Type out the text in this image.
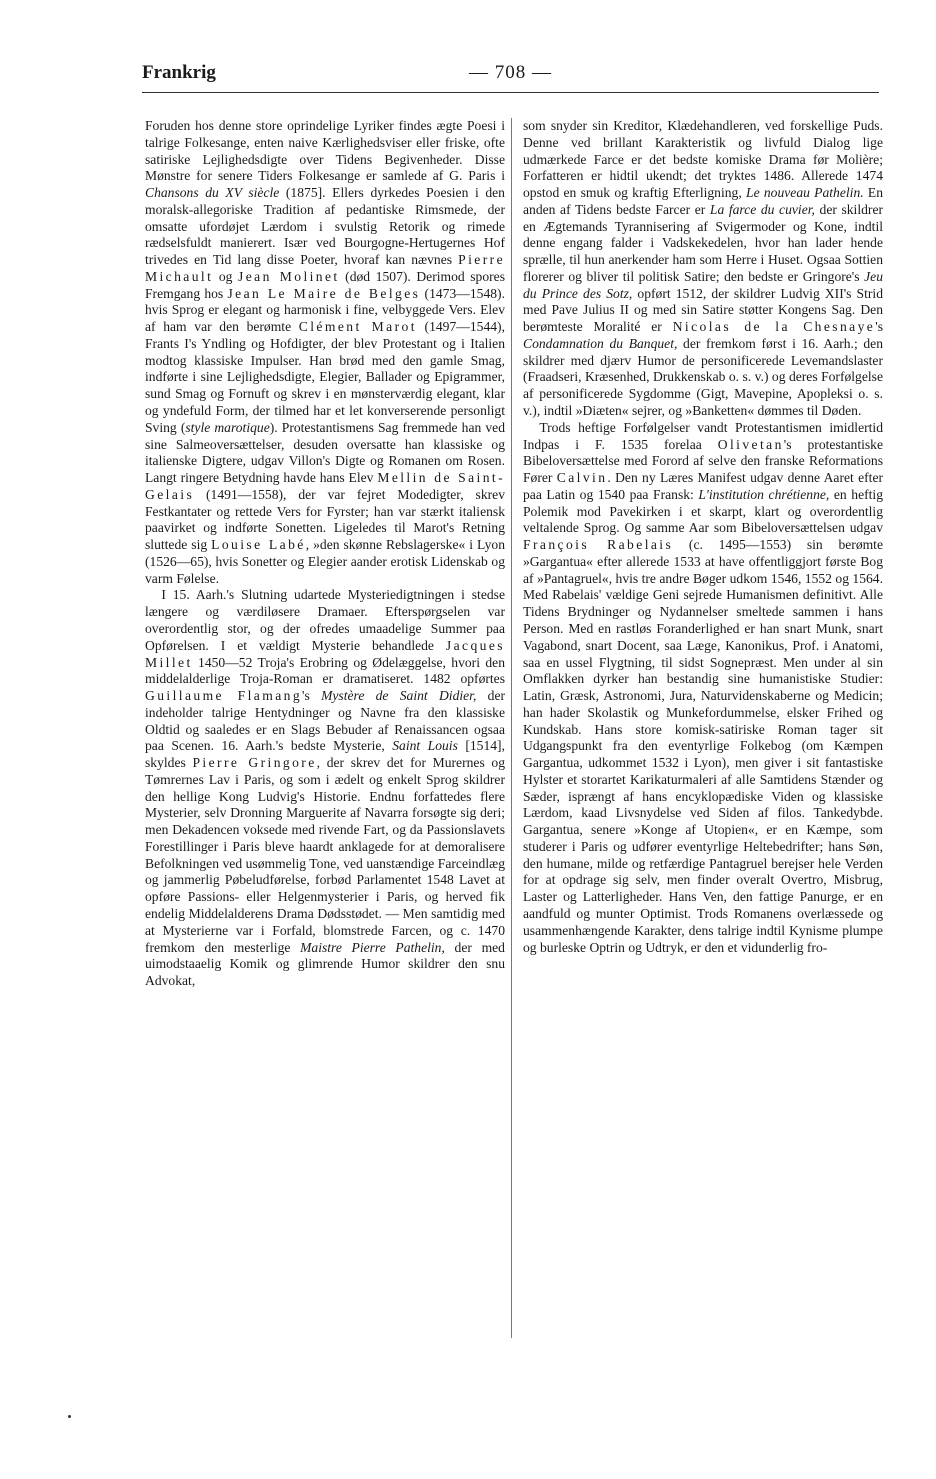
Frankrig	— 708 —

Foruden hos denne store oprindelige Lyriker findes ægte Poesi i talrige Folkesange, enten naive Kærlighedsviser eller friske, ofte satiriske Lejlighedsdigte over Tidens Begivenheder. Disse Mønstre for senere Tiders Folkesange er samlede af G. Paris i Chansons du XV siècle (1875]. Ellers dyrkedes Poesien i den moralsk-allegoriske Tradition af pedantiske Rimsmede, der omsatte ufordøjet Lærdom i svulstig Retorik og rimede rædselsfuldt manierert. Især ved Bourgogne-Hertugernes Hof trivedes en Tid lang disse Poeter, hvoraf kan nævnes Pierre Michault og Jean Molinet (død 1507). Derimod spores Fremgang hos Jean Le Maire de Belges (1473—1548). hvis Sprog er elegant og harmonisk i fine, velbyggede Vers. Elev af ham var den berømte Clément Marot (1497—1544), Frants I's Yndling og Hofdigter, der blev Protestant og i Italien modtog klassiske Impulser. Han brød med den gamle Smag, indførte i sine Lejlighedsdigte, Elegier, Ballader og Epigrammer, sund Smag og Fornuft og skrev i en mønsterværdig elegant, klar og yndefuld Form, der tilmed har et let konverserende personligt Sving (style marotique). Protestantismens Sag fremmede han ved sine Salmeoversættelser, desuden oversatte han klassiske og italienske Digtere, udgav Villon's Digte og Romanen om Rosen. Langt ringere Betydning havde hans Elev Mellin de Saint-Gelais (1491—1558), der var fejret Modedigter, skrev Festkantater og rettede Vers for Fyrster; han var stærkt italiensk paavirket og indførte Sonetten. Ligeledes til Marot's Retning sluttede sig Louise Labé, »den skønne Rebslagerske« i Lyon (1526—65), hvis Sonetter og Elegier aander erotisk Lidenskab og varm Følelse.

I 15. Aarh.'s Slutning udartede Mysteriedigtningen i stedse længere og værdiløsere Dramaer. Efterspørgselen var overordentlig stor, og der ofredes umaadelige Summer paa Opførelsen. I et vældigt Mysterie behandlede Jacques Millet 1450—52 Troja's Erobring og Ødelæggelse, hvori den middelalderlige Troja-Roman er dramatiseret. 1482 opførtes Guillaume Flamang's Mystère de Saint Didier, der indeholder talrige Hentydninger og Navne fra den klassiske Oldtid og saaledes er en Slags Bebuder af Renaissancen ogsaa paa Scenen. 16. Aarh.'s bedste Mysterie, Saint Louis [1514], skyldes Pierre Gringore, der skrev det for Murernes og Tømrernes Lav i Paris, og som i ædelt og enkelt Sprog skildrer den hellige Kong Ludvig's Historie. Endnu forfattedes flere Mysterier, selv Dronning Marguerite af Navarra forsøgte sig deri; men Dekadencen voksede med rivende Fart, og da Passionslavets Forestillinger i Paris bleve haardt anklagede for at demoralisere Befolkningen ved usømmelig Tone, ved uanstændige Farceindlæg og jammerlig Pøbeludførelse, forbød Parlamentet 1548 Lavet at opføre Passions- eller Helgenmysterier i Paris, og herved fik endelig Middelalderens Drama Dødsstødet. — Men samtidig med at Mysterierne var i Forfald, blomstrede Farcen, og c. 1470 fremkom den mesterlige Maistre Pierre Pathelin, der med uimodstaaelig Komik og glimrende Humor skildrer den snu Advokat,

som snyder sin Kreditor, Klædehandleren, ved forskellige Puds. Denne ved brillant Karakteristik og livfuld Dialog lige udmærkede Farce er det bedste komiske Drama før Molière; Forfatteren er hidtil ukendt; det tryktes 1486. Allerede 1474 opstod en smuk og kraftig Efterligning, Le nouveau Pathelin. En anden af Tidens bedste Farcer er La farce du cuvier, der skildrer en Ægtemands Tyrannisering af Svigermoder og Kone, indtil denne engang falder i Vadskekedelen, hvor han lader hende sprælle, til hun anerkender ham som Herre i Huset. Ogsaa Sottien florerer og bliver til politisk Satire; den bedste er Gringore's Jeu du Prince des Sotz, opført 1512, der skildrer Ludvig XII's Strid med Pave Julius II og med sin Satire støtter Kongens Sag. Den berømteste Moralité er Nicolas de la Chesnaye's Condamnation du Banquet, der fremkom først i 16. Aarh.; den skildrer med djærv Humor de personificerede Levemandslaster (Fraadseri, Kræsenhed, Drukkenskab o. s. v.) og deres Forfølgelse af personificerede Sygdomme (Gigt, Mavepine, Apopleksi o. s. v.), indtil »Diæten« sejrer, og »Banketten« dømmes til Døden.

Trods heftige Forfølgelser vandt Protestantismen imidlertid Indpas i F. 1535 forelaa Olivetan's protestantiske Bibeloversættelse med Forord af selve den franske Reformations Fører Calvin. Den ny Læres Manifest udgav denne Aaret efter paa Latin og 1540 paa Fransk: L'institution chrétienne, en heftig Polemik mod Pavekirken i et skarpt, klart og overordentlig veltalende Sprog. Og samme Aar som Bibeloversættelsen udgav François Rabelais (c. 1495—1553) sin berømte »Gargantua« efter allerede 1533 at have offentliggjort første Bog af »Pantagruel«, hvis tre andre Bøger udkom 1546, 1552 og 1564. Med Rabelais' vældige Geni sejrede Humanismen definitivt. Alle Tidens Brydninger og Nydannelser smeltede sammen i hans Person. Med en rastløs Foranderlighed er han snart Munk, snart Vagabond, snart Docent, saa Læge, Kanonikus, Prof. i Anatomi, saa en ussel Flygtning, til sidst Sognepræst. Men under al sin Omflakken dyrker han bestandig sine humanistiske Studier: Latin, Græsk, Astronomi, Jura, Naturvidenskaberne og Medicin; han hader Skolastik og Munkefordummelse, elsker Frihed og Kundskab. Hans store komisk-satiriske Roman tager sit Udgangspunkt fra den eventyrlige Folkebog (om Kæmpen Gargantua, udkommet 1532 i Lyon), men giver i sit fantastiske Hylster et storartet Karikaturmaleri af alle Samtidens Stænder og Sæder, isprængt af hans encyklopædiske Viden og klassiske Lærdom, kaad Livsnydelse ved Siden af filos. Tankedybde. Gargantua, senere »Konge af Utopien«, er en Kæmpe, som studerer i Paris og udfører eventyrlige Heltebedrifter; hans Søn, den humane, milde og retfærdige Pantagruel berejser hele Verden for at opdrage sig selv, men finder overalt Overtro, Misbrug, Laster og Latterligheder. Hans Ven, den fattige Panurge, er en aandfuld og munter Optimist. Trods Romanens overlæssede og usammenhængende Karakter, dens talrige indtil Kynisme plumpe og burleske Optrin og Udtryk, er den et vidunderlig fro-
